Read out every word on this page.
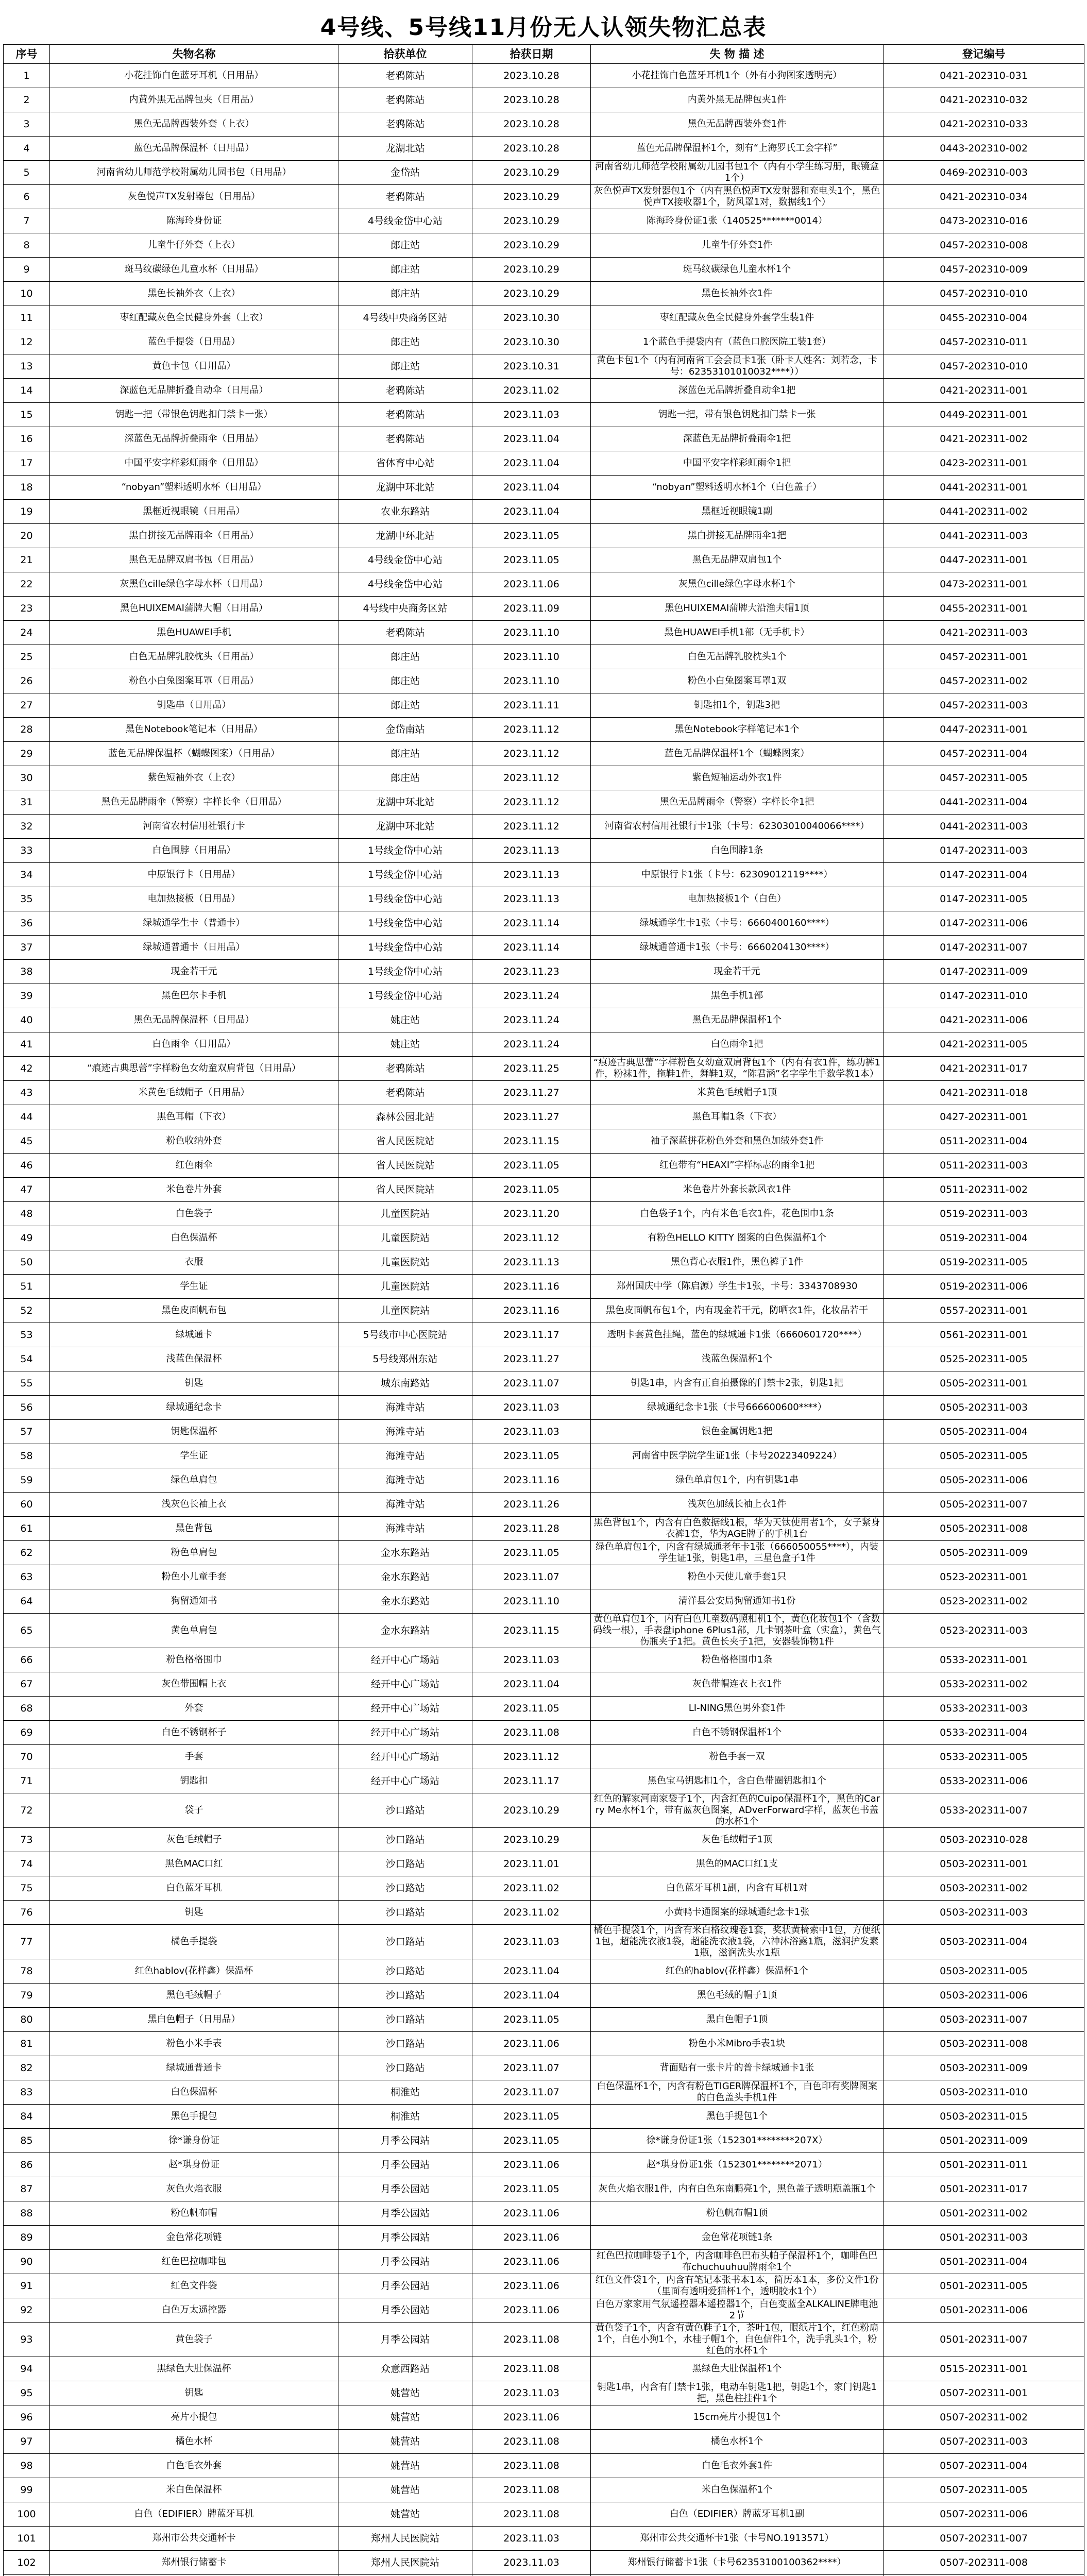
4号线、5号线11月份无人认领失物汇总表
序号	失物名称	拾获单位	拾获日期	失 物 描 述	登记编号
1	小花挂饰白色蓝牙耳机（日用品）	老鸦陈站	2023.10.28	小花挂饰白色蓝牙耳机1个（外有小狗图案透明壳）	0421-202310-031
2	内黄外黑无品牌包夹（日用品）	老鸦陈站	2023.10.28	内黄外黑无品牌包夹1件	0421-202310-032
3	黑色无品牌西装外套（上衣）	老鸦陈站	2023.10.28	黑色无品牌西装外套1件	0421-202310-033
4	蓝色无品牌保温杯（日用品）	龙湖北站	2023.10.28	蓝色无品牌保温杯1个，刻有“上海罗氏工会字样”	0443-202310-002
5	河南省幼儿师范学校附属幼儿园书包（日用品）	金岱站	2023.10.29	河南省幼儿师范学校附属幼儿园书包1个（内有小学生练习册，眼镜盒1个）	0469-202310-003
6	灰色悦声TX发射器包（日用品）	老鸦陈站	2023.10.29	灰色悦声TX发射器包1个（内有黑色悦声TX发射器和充电头1个，黑色悦声TX接收器1个，防风罩1对，数据线1个）	0421-202310-034
7	陈海玲身份证	4号线金岱中心站	2023.10.29	陈海玲身份证1张（140525*******0014）	0473-202310-016
8	儿童牛仔外套（上衣）	郎庄站	2023.10.29	儿童牛仔外套1件	0457-202310-008
9	斑马纹碳绿色儿童水杯（日用品）	郎庄站	2023.10.29	斑马纹碳绿色儿童水杯1个	0457-202310-009
10	黑色长袖外衣（上衣）	郎庄站	2023.10.29	黑色长袖外衣1件	0457-202310-010
11	枣红配藏灰色全民健身外套（上衣）	4号线中央商务区站	2023.10.30	枣红配藏灰色全民健身外套学生装1件	0455-202310-004
12	蓝色手提袋（日用品）	郎庄站	2023.10.30	1个蓝色手提袋内有（蓝色口腔医院工装1套）	0457-202310-011
13	黄色卡包（日用品）	郎庄站	2023.10.31	黄色卡包1个（内有河南省工会会员卡1张（卧卡人姓名：刘若念，卡号：62353101010032****））	0457-202310-010
14	深蓝色无品牌折叠自动伞（日用品）	老鸦陈站	2023.11.02	深蓝色无品牌折叠自动伞1把	0421-202311-001
15	钥匙一把（带银色钥匙扣门禁卡一张）	老鸦陈站	2023.11.03	钥匙一把，带有银色钥匙扣门禁卡一张	0449-202311-001
16	深蓝色无品牌折叠雨伞（日用品）	老鸦陈站	2023.11.04	深蓝色无品牌折叠雨伞1把	0421-202311-002
17	中国平安字样彩虹雨伞（日用品）	省体育中心站	2023.11.04	中国平安字样彩虹雨伞1把	0423-202311-001
18	“nobyan”塑料透明水杯（日用品）	龙湖中环北站	2023.11.04	“nobyan”塑料透明水杯1个（白色盖子）	0441-202311-001
19	黑框近视眼镜（日用品）	农业东路站	2023.11.04	黑框近视眼镜1副	0441-202311-002
20	黑白拼接无品牌雨伞（日用品）	龙湖中环北站	2023.11.05	黑白拼接无品牌雨伞1把	0441-202311-003
21	黑色无品牌双肩书包（日用品）	4号线金岱中心站	2023.11.05	黑色无品牌双肩包1个	0447-202311-001
22	灰黑色cille绿色字母水杯（日用品）	4号线金岱中心站	2023.11.06	灰黑色cille绿色字母水杯1个	0473-202311-001
23	黑色HUIXEMAI蒲牌大帽（日用品）	4号线中央商务区站	2023.11.09	黑色HUIXEMAI蒲牌大沿渔夫帽1顶	0455-202311-001
24	黑色HUAWEI手机	老鸦陈站	2023.11.10	黑色HUAWEI手机1部（无手机卡）	0421-202311-003
25	白色无品牌乳胶枕头（日用品）	郎庄站	2023.11.10	白色无品牌乳胶枕头1个	0457-202311-001
26	粉色小白兔图案耳罩（日用品）	郎庄站	2023.11.10	粉色小白兔图案耳罩1双	0457-202311-002
27	钥匙串（日用品）	郎庄站	2023.11.11	钥匙扣1个，钥匙3把	0457-202311-003
28	黑色Notebook笔记本（日用品）	金岱南站	2023.11.12	黑色Notebook字样笔记本1个	0447-202311-001
29	蓝色无品牌保温杯（蝴蝶图案）（日用品）	郎庄站	2023.11.12	蓝色无品牌保温杯1个（蝴蝶图案）	0457-202311-004
30	紫色短袖外衣（上衣）	郎庄站	2023.11.12	紫色短袖运动外衣1件	0457-202311-005
31	黑色无品牌雨伞（警察）字样长伞（日用品）	龙湖中环北站	2023.11.12	黑色无品牌雨伞（警察）字样长伞1把	0441-202311-004
32	河南省农村信用社银行卡	龙湖中环北站	2023.11.12	河南省农村信用社银行卡1张（卡号：62303010040066****）	0441-202311-003
33	白色围脖（日用品）	1号线金岱中心站	2023.11.13	白色围脖1条	0147-202311-003
34	中原银行卡（日用品）	1号线金岱中心站	2023.11.13	中原银行卡1张（卡号：62309012119****）	0147-202311-004
35	电加热接板（日用品）	1号线金岱中心站	2023.11.13	电加热接板1个（白色）	0147-202311-005
36	绿城通学生卡（普通卡）	1号线金岱中心站	2023.11.14	绿城通学生卡1张（卡号：6660400160****）	0147-202311-006
37	绿城通普通卡（日用品）	1号线金岱中心站	2023.11.14	绿城通普通卡1张（卡号：6660204130****）	0147-202311-007
38	现金若干元	1号线金岱中心站	2023.11.23	现金若干元	0147-202311-009
39	黑色巴尔卡手机	1号线金岱中心站	2023.11.24	黑色手机1部	0147-202311-010
40	黑色无品牌保温杯（日用品）	姚庄站	2023.11.24	黑色无品牌保温杯1个	0421-202311-006
41	白色雨伞（日用品）	姚庄站	2023.11.24	白色雨伞1把	0421-202311-005
42	“痕迹古典思蕾”字样粉色女幼童双肩背包（日用品）	老鸦陈站	2023.11.25	“痕迹古典思蕾”字样粉色女幼童双肩背包1个（内有有衣1件，练功裤1件，粉袜1件，拖鞋1件，舞鞋1双，“陈君涵”名字学生手数学教1本）	0421-202311-017
43	米黄色毛绒帽子（日用品）	老鸦陈站	2023.11.27	米黄色毛绒帽子1顶	0421-202311-018
44	黑色耳帽（下衣）	森林公园北站	2023.11.27	黑色耳帽1条（下衣）	0427-202311-001
45	粉色收纳外套	省人民医院站	2023.11.15	袖子深蓝拼花粉色外套和黑色加绒外套1件	0511-202311-004
46	红色雨伞	省人民医院站	2023.11.05	红色带有“HEAXI”字样标志的雨伞1把	0511-202311-003
47	米色卷片外套	省人民医院站	2023.11.05	米色卷片外套长款风衣1件	0511-202311-002
48	白色袋子	儿童医院站	2023.11.20	白色袋子1个，内有米色毛衣1件，花色围巾1条	0519-202311-003
49	白色保温杯	儿童医院站	2023.11.12	有粉色HELLO KITTY 图案的白色保温杯1个	0519-202311-004
50	衣服	儿童医院站	2023.11.13	黑色背心衣服1件，黑色裤子1件	0519-202311-005
51	学生证	儿童医院站	2023.11.16	郑州国庆中学（陈启源）学生卡1张，卡号：3343708930	0519-202311-006
52	黑色皮面帆布包	儿童医院站	2023.11.16	黑色皮面帆布包1个，内有现金若干元，防晒衣1件，化妆品若干	0557-202311-001
53	绿城通卡	5号线市中心医院站	2023.11.17	透明卡套黄色挂绳，蓝色的绿城通卡1张（6660601720****）	0561-202311-001
54	浅蓝色保温杯	5号线郑州东站	2023.11.27	浅蓝色保温杯1个	0525-202311-005
55	钥匙	城东南路站	2023.11.07	钥匙1串，内含有正自拍摄像的门禁卡2张，钥匙1把	0505-202311-001
56	绿城通纪念卡	海滩寺站	2023.11.03	绿城通纪念卡1张（卡号666600600****）	0505-202311-003
57	钥匙保温杯	海滩寺站	2023.11.03	银色金属钥匙1把	0505-202311-004
58	学生证	海滩寺站	2023.11.05	河南省中医学院学生证1张（卡号20223409224）	0505-202311-005
59	绿色单肩包	海滩寺站	2023.11.16	绿色单肩包1个，内有钥匙1串	0505-202311-006
60	浅灰色长袖上衣	海滩寺站	2023.11.26	浅灰色加绒长袖上衣1件	0505-202311-007
61	黑色背包	海滩寺站	2023.11.28	黑色背包1个，内含有白色数据线1根，华为天钛使用者1个，女子紧身衣裤1套，华为AGE牌子的手机1台	0505-202311-008
62	粉色单肩包	金水东路站	2023.11.05	绿色单肩包1个，内含有绿城通老年卡1张（666050055****），内装学生证1张，钥匙1串，三星色盒子1件	0505-202311-009
63	粉色小儿童手套	金水东路站	2023.11.07	粉色小天使儿童手套1只	0523-202311-001
64	狗留通知书	金水东路站	2023.11.10	清洋县公安局狗留通知书1份	0523-202311-002
65	黄色单肩包	金水东路站	2023.11.15	黄色单肩包1个，内有白色儿童数码照相机1个，黄色化妆包1个（含数码线一根），手表盘iphone 6Plus1部，几卡钢茶叶盒（实盒），黄色气伤瓶夹子1把。黄色长夹子1把，安器装饰物1件	0523-202311-003
66	粉色格格围巾	经开中心广场站	2023.11.03	粉色格格围巾1条	0533-202311-001
67	灰色带围帽上衣	经开中心广场站	2023.11.04	灰色带帽连衣上衣1件	0533-202311-002
68	外套	经开中心广场站	2023.11.05	LI-NING黑色男外套1件	0533-202311-003
69	白色不锈钢杯子	经开中心广场站	2023.11.08	白色不锈钢保温杯1个	0533-202311-004
70	手套	经开中心广场站	2023.11.12	粉色手套一双	0533-202311-005
71	钥匙扣	经开中心广场站	2023.11.17	黑色宝马钥匙扣1个，含白色带圈钥匙扣1个	0533-202311-006
72	袋子	沙口路站	2023.10.29	红色的解家河南家袋子1个，内含红色的Cuipo保温杯1个，黑色的Carry Me水杯1个，带有蓝灰色图案，ADverForward字样，蓝灰色书盖的水杯1个	0533-202311-007
73	灰色毛绒帽子	沙口路站	2023.10.29	灰色毛绒帽子1顶	0503-202310-028
74	黑色MAC口红	沙口路站	2023.11.01	黑色的MAC口红1支	0503-202311-001
75	白色蓝牙耳机	沙口路站	2023.11.02	白色蓝牙耳机1副，内含有耳机1对	0503-202311-002
76	钥匙	沙口路站	2023.11.02	小黄鸭卡通图案的绿城通纪念卡1张	0503-202311-003
77	橘色手提袋	沙口路站	2023.11.03	橘色手提袋1个，内含有米白格纹瑰卷1套，奖状黄椅索中1包，方便纸1包，超能洗衣液1袋，超能洗衣液1袋，六神沐浴露1瓶，滋润护发素1瓶，滋润洗头水1瓶	0503-202311-004
78	红色hablov(花样鑫）保温杯	沙口路站	2023.11.04	红色的hablov(花样鑫）保温杯1个	0503-202311-005
79	黑色毛绒帽子	沙口路站	2023.11.04	黑色毛绒的帽子1顶	0503-202311-006
80	黑白色帽子（日用品）	沙口路站	2023.11.05	黑白色帽子1顶	0503-202311-007
81	粉色小米手表	沙口路站	2023.11.06	粉色小米Mibro手表1块	0503-202311-008
82	绿城通普通卡	沙口路站	2023.11.07	背面贴有一张卡片的普卡绿城通卡1张	0503-202311-009
83	白色保温杯	桐淮站	2023.11.07	白色保温杯1个，内含有粉色TIGER牌保温杯1个，白色印有奖牌图案的白色盖头手机1件	0503-202311-010
84	黑色手提包	桐淮站	2023.11.05	黑色手提包1个	0503-202311-015
85	徐*谦身份证	月季公园站	2023.11.05	徐*谦身份证1张（152301********207X）	0501-202311-009
86	赵*琪身份证	月季公园站	2023.11.06	赵*琪身份证1张（152301********2071）	0501-202311-011
87	灰色火焰衣服	月季公园站	2023.11.05	灰色火焰衣服1件，内有白色东南鹏亮1个，黑色盖子透明瓶盖瓶1个	0501-202311-017
88	粉色帆布帽	月季公园站	2023.11.06	粉色帆布帽1顶	0501-202311-002
89	金色常花项链	月季公园站	2023.11.06	金色常花项链1条	0501-202311-003
90	红色巴拉咖啡包	月季公园站	2023.11.06	红色巴拉咖啡袋子1个，内含咖啡色巴布头帕子保温杯1个，咖啡色巴布chuchuuhuu牌雨伞1个	0501-202311-004
91	红色文件袋	月季公园站	2023.11.06	红色文件袋1个，内含有笔记本张书本1本，简历本1本，多份文件1份（里面有透明爱猫杯1个，透明胶水1个）	0501-202311-005
92	白色万太遥控器	月季公园站	2023.11.06	白色万家家用气氛遥控器本遥控器1个，白色变蓝全ALKALINE牌电池2节	0501-202311-006
93	黄色袋子	月季公园站	2023.11.08	黄色袋子1个，内含有黄色鞋子1个，茶叶1包，眼纸片1个，红色粉扇1个，白色小狗1个，水桂子帽1个，白色信件1个，洗手乳头1个，粉红色的水杯1个	0501-202311-007
94	黑绿色大肚保温杯	众意西路站	2023.11.08	黑绿色大肚保温杯1个	0515-202311-001
95	钥匙	姚营站	2023.11.03	钥匙1串，内含有门禁卡1张，电动车钥匙1把，钥匙1个，家门钥匙1把，黑色柱挂件1个	0507-202311-001
96	亮片小提包	姚营站	2023.11.06	15cm亮片小提包1个	0507-202311-002
97	橘色水杯	姚营站	2023.11.08	橘色水杯1个	0507-202311-003
98	白色毛衣外套	姚营站	2023.11.08	白色毛衣外套1件	0507-202311-004
99	米白色保温杯	姚营站	2023.11.08	米白色保温杯1个	0507-202311-005
100	白色（EDIFIER）牌蓝牙耳机	姚营站	2023.11.08	白色（EDIFIER）牌蓝牙耳机1副	0507-202311-006
101	郑州市公共交通杯卡	郑州人民医院站	2023.11.03	郑州市公共交通杯卡1张（卡号NO.1913571）	0507-202311-007
102	郑州银行储蓄卡	郑州人民医院站	2023.11.03	郑州银行储蓄卡1张（卡号62353100100362****）	0507-202311-008
